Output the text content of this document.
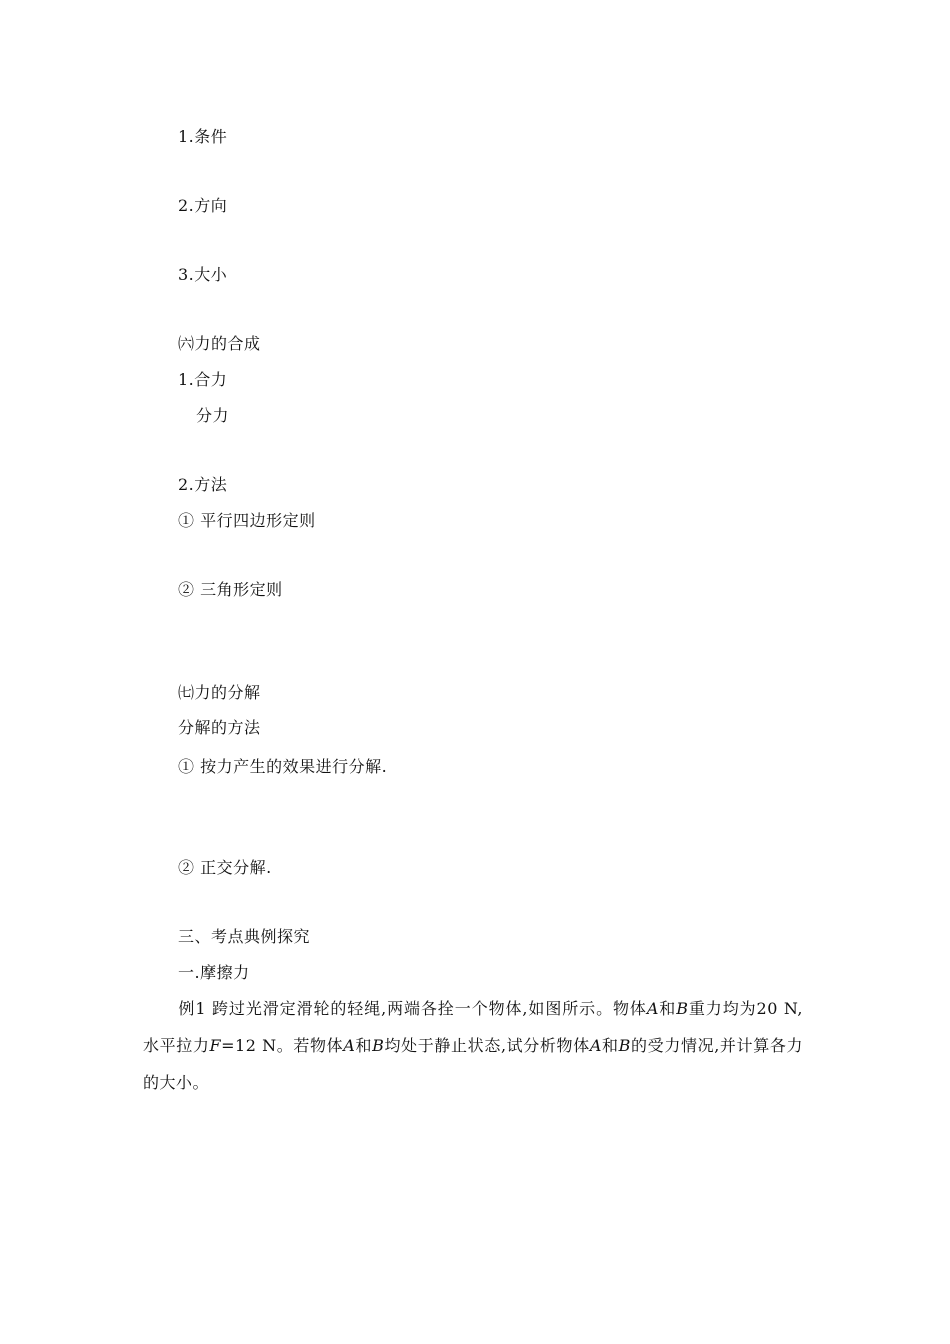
1.条件
2.方向
3.大小
㈥力的合成
1.合力
分力
2.方法
① 平行四边形定则
② 三角形定则
㈦力的分解
分解的方法
① 按力产生的效果进行分解.
② 正交分解.
三、考点典例探究
一.摩擦力
例1 跨过光滑定滑轮的轻绳,两端各拴一个物体,如图所示。物体A和B重力均为20 N,水平拉力F=12 N。若物体A和B均处于静止状态,试分析物体A和B的受力情况,并计算各力的大小。
